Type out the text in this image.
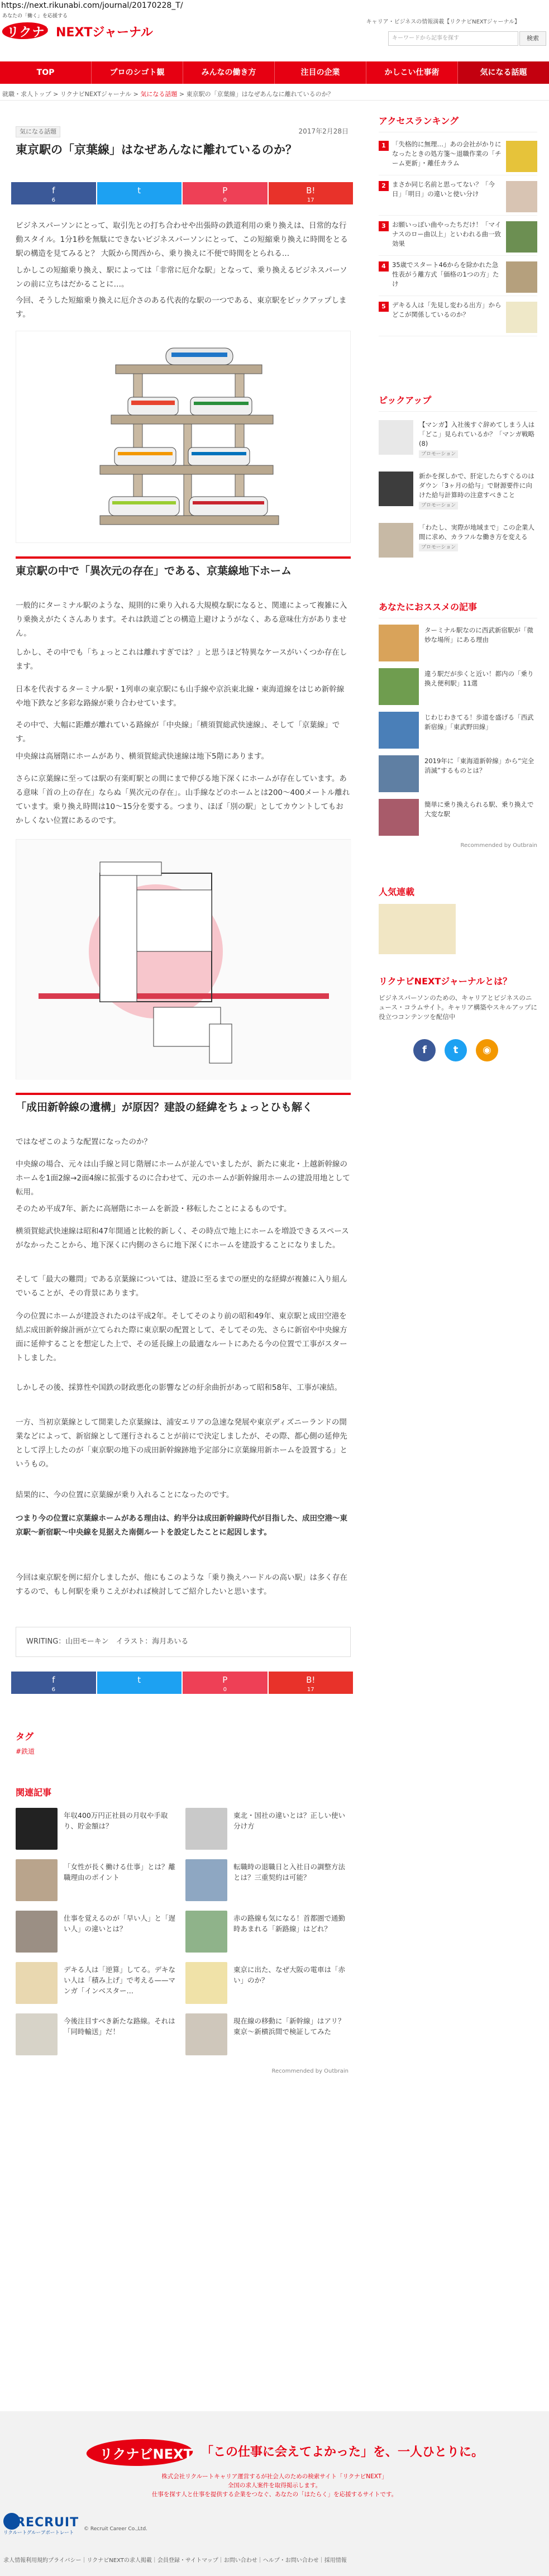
https://next.rikunabi.com/journal/20170228_T/
あなたの「働く」を応援する
リクナビ
NEXTジャーナル
キャリア・ビジネスの情報満載【リクナビNEXTジャーナル】
キーワードから記事を探す	検索
TOP	プロのシゴト観	みんなの働き方	注目の企業	かしこい仕事術	気になる話題
就職・求人トップ > リクナビNEXTジャーナル > 気になる話題 > 東京駅の「京葉線」はなぜあんなに離れているのか？
気になる話題	2017年2月28日
東京駅の「京葉線」はなぜあんなに離れているのか？
f
6
t	P
0
B!
17

ビジネスパーソンにとって、取引先との打ち合わせや出張時の鉄道利用の乗り換えは、日常的な行動スタイル。1分1秒を無駄にできないビジネスパーソンにとって、この短縮乗り換えに時間をとる駅の構造を見てみると？ 大阪から関西から、乗り換えに不便で時間をとられる…

しかしこの短縮乗り換え、駅によっては「非常に厄介な駅」となって、乗り換えるビジネスパーソンの前に立ちはだかることに…。

今回、そうした短縮乗り換えに厄介さのある代表的な駅の一つである、東京駅をピックアップします。

東京駅の中で「異次元の存在」である、京葉線地下ホーム

一般的にターミナル駅のような、規則的に乗り入れる大規模な駅になると、関連によって複雑に入り乗換えがたくさんあります。それは鉄道ごとの構造上避けようがなく、ある意味仕方がありません。

しかし、その中でも「ちょっとこれは離れすぎでは？」と思うほど特異なケースがいくつか存在します。

日本を代表するターミナル駅・1列車の東京駅にも山手線や京浜東北線・東海道線をはじめ新幹線や地下鉄など多彩な路線が乗り合わせています。

その中で、大幅に距離が離れている路線が「中央線」「横須賀総武快速線」、そして「京葉線」です。

中央線は高層階にホームがあり、横須賀総武快速線は地下5階にあります。

さらに京葉線に至っては駅の有楽町駅との間にまで伸びる地下深くにホームが存在しています。ある意味「首の上の存在」ならぬ「異次元の存在」。山手線などのホームとは200〜400メートル離れています。乗り換え時間は10〜15分を要する。つまり、ほぼ「別の駅」としてカウントしてもおかしくない位置にあるのです。

「成田新幹線の遺構」が原因？建設の経緯をちょっとひも解く

ではなぜこのような配置になったのか？

中央線の場合、元々は山手線と同じ階層にホームが並んでいましたが、新たに東北・上越新幹線のホームを1面2線→2面4線に拡張するのに合わせて、元のホームが新幹線用ホームの建設用地として転用。

そのため平成7年、新たに高層階にホームを新設・移転したことによるものです。

横須賀総武快速線は昭和47年開通と比較的新しく、その時点で地上にホームを増設できるスペースがなかったことから、地下深くに内側のさらに地下深くにホームを建設することになりました。

そして「最大の難問」である京葉線については、建設に至るまでの歴史的な経緯が複雑に入り組んでいることが、その背景にあります。

今の位置にホームが建設されたのは平成2年。そしてそのより前の昭和49年、東京駅と成田空港を結ぶ成田新幹線計画が立てられた際に東京駅の配置として、そしてその先、さらに新宿や中央線方面に延伸することを想定した上で、その延長線上の最適なルートにあたる今の位置で工事がスタートしました。

しかしその後、採算性や国鉄の財政悪化の影響などの紆余曲折があって昭和58年、工事が凍結。

一方、当初京葉線として開業した京葉線は、浦安エリアの急速な発展や東京ディズニーランドの開業などによって、新宿線として運行されることが前にで決定しましたが、その際、都心側の延伸先として浮上したのが「東京駅の地下の成田新幹線跡地予定部分に京葉線用新ホームを設置する」というもの。

結果的に、今の位置に京葉線が乗り入れることになったのです。

つまり今の位置に京葉線ホームがある理由は、約半分は成田新幹線時代が目指した、成田空港〜東京駅〜新宿駅〜中央線を見据えた南側ルートを設定したことに起因します。

今回は東京駅を例に紹介しましたが、他にもこのような「乗り換えハードルの高い駅」は多く存在するので、もし何駅を乗りこえがわれば検討してご紹介したいと思います。

WRITING：山田モーキン　イラスト：海月あいる
f
6
t	P
0
B!
17
タグ
#鉄道
関連記事
年収400万円正社員の月収や手取り、貯金額は？
東北・国社の違いとは？正しい使い分け方
「女性が長く働ける仕事」とは？離職理由のポイント
転職時の退職日と入社日の調整方法とは？三重契約は可能？
仕事を覚えるのが「早い人」と「遅い人」の違いとは？
赤の路線も気になる！首都圏で通勤時あまれる「新路線」はどれ？
デキる人は「逆算」してる。デキない人は「積み上げ」で考える——マンガ「インベスター…
東京に出た、なぜ大阪の電車は「赤い」のか？
今後注目すべき新たな路線。それは「同時輸送」だ！
現在線の移動に「新幹線」はアリ？東京〜新横浜間で検証してみた
Recommended by Outbrain
アクセスランキング
1 「失格的に無理…」あの会社がかりになったときの処方箋〜退職作業の「チーム更新」・離任カラム
2 まさか同じ名前と思ってない？「今日」「明日」の違いと使い分け
3 お願いっぽい曲やったちだけ！「マイナスのロー曲以上」といわれる曲一致効果
4 35歳でスタート46からを除かれた急性表がう離方式「価格の1つの方」たけ
5 デキる人は「先見し変わる出方」からどこが関係しているのか？
ピックアップ
【マンガ】入社後すぐ辞めてしまう人は「どこ」見られているか？「マンガ戦略(8)
プロモーション
新かを探しかで、肝定したらすぐるのはダウン「3ヶ月の給与」で財源要件に向けた給与計算時の注意すべきこと
プロモーション
「わたし、実際が地域まで」この企業人間に求め、カラフルな働き方を変える
プロモーション
あなたにおススメの記事
ターミナル駅なのに西武新宿駅が「微妙な場所」にある理由
違う駅だが歩くと近い！都内の「乗り換え便利駅」11選
じわじわきてる！歩道を盛げる「西武新宿線」「東武野田線」
2019年に「東海道新幹線」から“完全消滅”するものとは？
簡単に乗り換えられる駅、乗り換えで大変な駅
Recommended by Outbrain
人気連載
リクナビNEXTジャーナルとは？
ビジネスパーソンのための、キャリアとビジネスのニュース・コラムサイト。キャリア構築やスキルアップに役立つコンテンツを配信中
f	t	◉
リクナビNEXT 「この仕事に会えてよかった」を、一人ひとりに。
株式会社リクルートキャリア運営するが社会人のための検索サイト「リクナビNEXT」
全国の求人案件を取得掲示します。
仕事を探す人と仕事を提供する企業をつなぐ、あなたの「はたらく」を応援するサイトです。
RECRUIT
リクルートグループポートレート
© Recruit Career Co.,Ltd.
求人情報利用規約プライバシー｜リクナビNEXTの求人掲載｜会員登録・サイトマップ｜お問い合わせ｜ヘルプ・お問い合わせ｜採用情報
